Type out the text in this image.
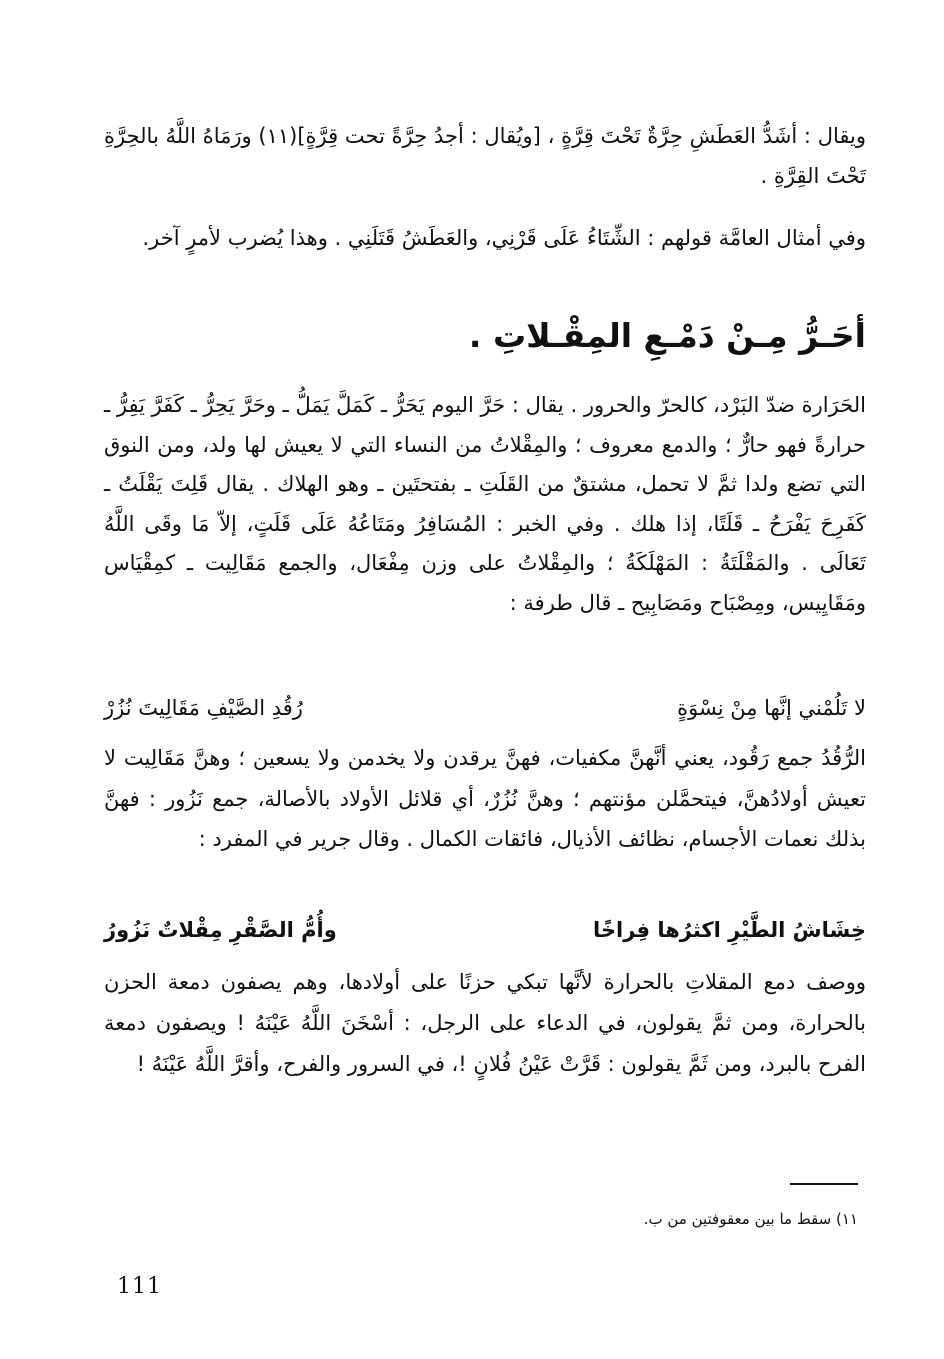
ويقال : أشَدُّ العَطَشِ حِرَّةٌ تَحْتَ قِرَّةٍ ، [ويُقال : أجدُ حِرَّةً تحت قِرَّةٍ](١١) ورَمَاهُ اللَّهُ بالحِرَّةِ تَحْتَ القِرَّةِ .

وفي أمثال العامَّة قولهم : الشِّتَاءُ عَلَى قَرْنِي، والعَطَشُ قَتَلَنِي . وهذا يُضرب لأمرٍ آخر.

أحَـرُّ مِـنْ دَمْـعِ المِقْـلاتِ .

الحَرَارة ضدّ البَرْد، كالحرّ والحرور . يقال : حَرَّ اليوم يَحَرُّ ـ كَمَلَّ يَمَلُّ ـ وحَرَّ يَحِرُّ ـ كَفَرَّ يَفِرُّ ـ حرارةً فهو حارٌّ ؛ والدمع معروف ؛ والمِقْلاتُ من النساء التي لا يعيش لها ولد، ومن النوق التي تضع ولدا ثمَّ لا تحمل، مشتقٌ من القَلَتِ ـ بفتحتَين ـ وهو الهلاك . يقال قَلِتَ يَقْلَتُ ـ كَفَرِحَ يَفْرَحُ ـ قَلَتًا، إذا هلك . وفي الخبر : المُسَافِرُ ومَتَاعُهُ عَلَى قَلَتٍ، إلاّ مَا وقَى اللَّهُ تَعَالَى . والمَقْلَتَةُ : المَهْلَكَةُ ؛ والمِقْلاتُ على وزن مِفْعَال، والجمع مَقَالِيت ـ كمِقْيَاس ومَقَايِيس، ومِصْبَاح ومَصَابِيح ـ قال طرفة :

لا تَلُمْني إنَّها مِنْ نِسْوَةٍ
رُقُدِ الصَّيْفِ مَقَالِيتَ نُزُرْ

الرُّقُدُ جمع رَقُود، يعني أنَّهنَّ مكفيات، فهنَّ يرقدن ولا يخدمن ولا يسعين ؛ وهنَّ مَقَالِيت لا تعيش أولادُهنَّ، فيتحمَّلن مؤنتهم ؛ وهنَّ نُزُرٌ، أي قلائل الأولاد بالأصالة، جمع نَزُور : فهنَّ بذلك نعمات الأجسام، نظائف الأذيال، فائقات الكمال . وقال جرير في المفرد :

خِشَاشُ الطَّيْرِ اكثرُها فِراخًا
وأُمُّ الصَّقْرِ مِقْلاتٌ نَزُورُ

ووصف دمع المقلاتِ بالحرارة لأنَّها تبكي حزنًا على أولادها، وهم يصفون دمعة الحزن بالحرارة، ومن ثمَّ يقولون، في الدعاء على الرجل، : أسْخَنَ اللَّهُ عَيْنَهُ ! ويصفون دمعة الفرح بالبرد، ومن ثَمَّ يقولون : قَرَّتْ عَيْنُ فُلانٍ !، في السرور والفرح، وأقرَّ اللَّهُ عَيْنَهُ !

١١) سقط ما بين معقوفتين من ب.

111
